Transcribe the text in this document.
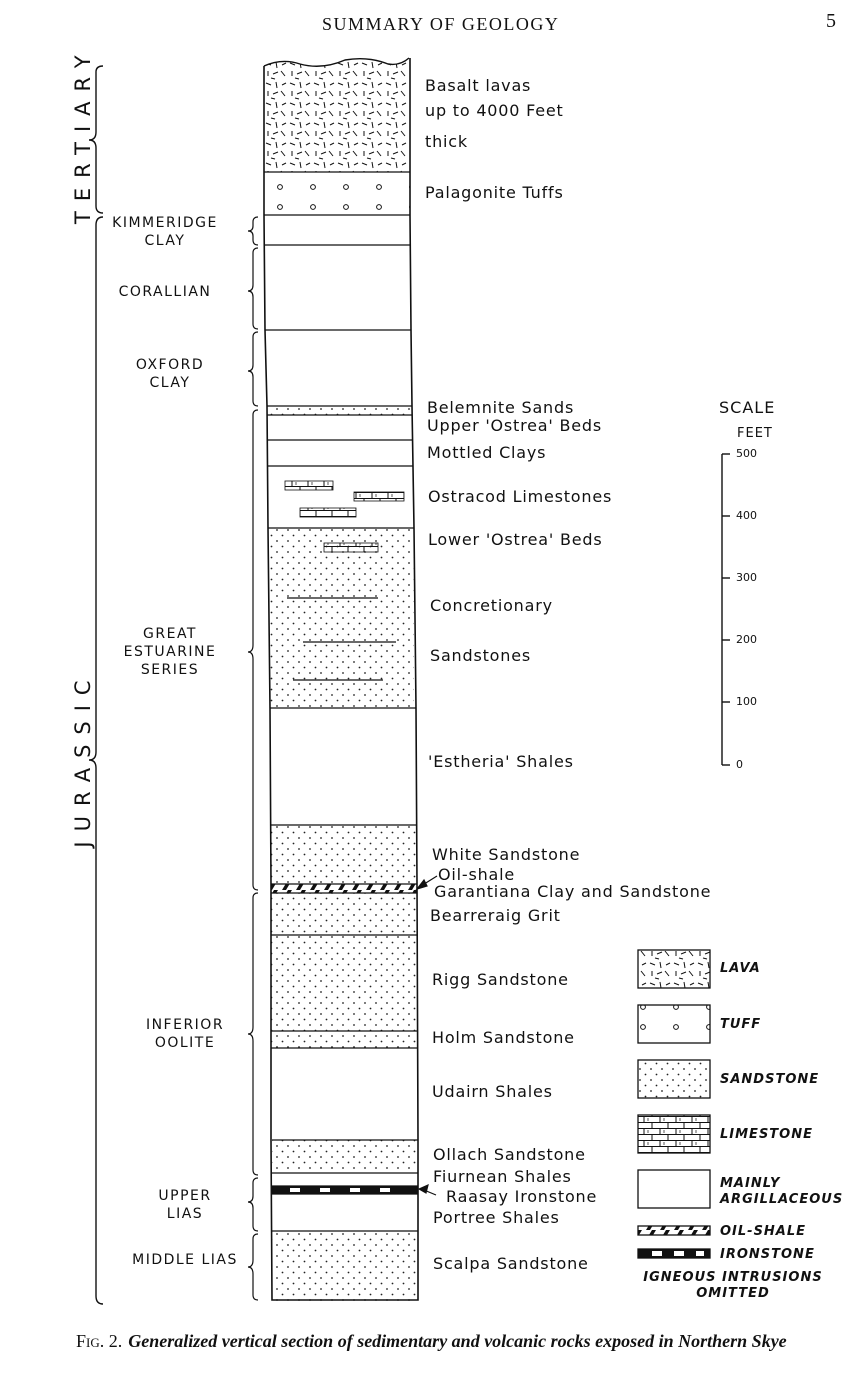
SUMMARY OF GEOLOGY	5
TERTIARY
JURASSIC
KIMMERIDGE CLAY
CORALLIAN
OXFORD CLAY
GREAT ESTUARINE SERIES
INFERIOR OOLITE
UPPER LIAS
MIDDLE LIAS
Basalt lavas
up to 4000 Feet
thick
Palagonite Tuffs
Belemnite Sands
Upper 'Ostrea' Beds
Mottled Clays
Ostracod Limestones
Lower 'Ostrea' Beds
Concretionary
Sandstones
'Estheria' Shales
White Sandstone
Oil-shale
Garantiana Clay and Sandstone
Bearreraig Grit
Rigg Sandstone
Holm Sandstone
Udairn Shales
Ollach Sandstone
Fiurnean Shales
Raasay Ironstone
Portree Shales
Scalpa Sandstone
SCALE
FEET
500
400
300
200
100
0
LAVA
TUFF
SANDSTONE
LIMESTONE
MAINLY ARGILLACEOUS
OIL-SHALE
IRONSTONE
IGNEOUS INTRUSIONS OMITTED
Fig. 2. Generalized vertical section of sedimentary and volcanic rocks exposed in Northern Skye
